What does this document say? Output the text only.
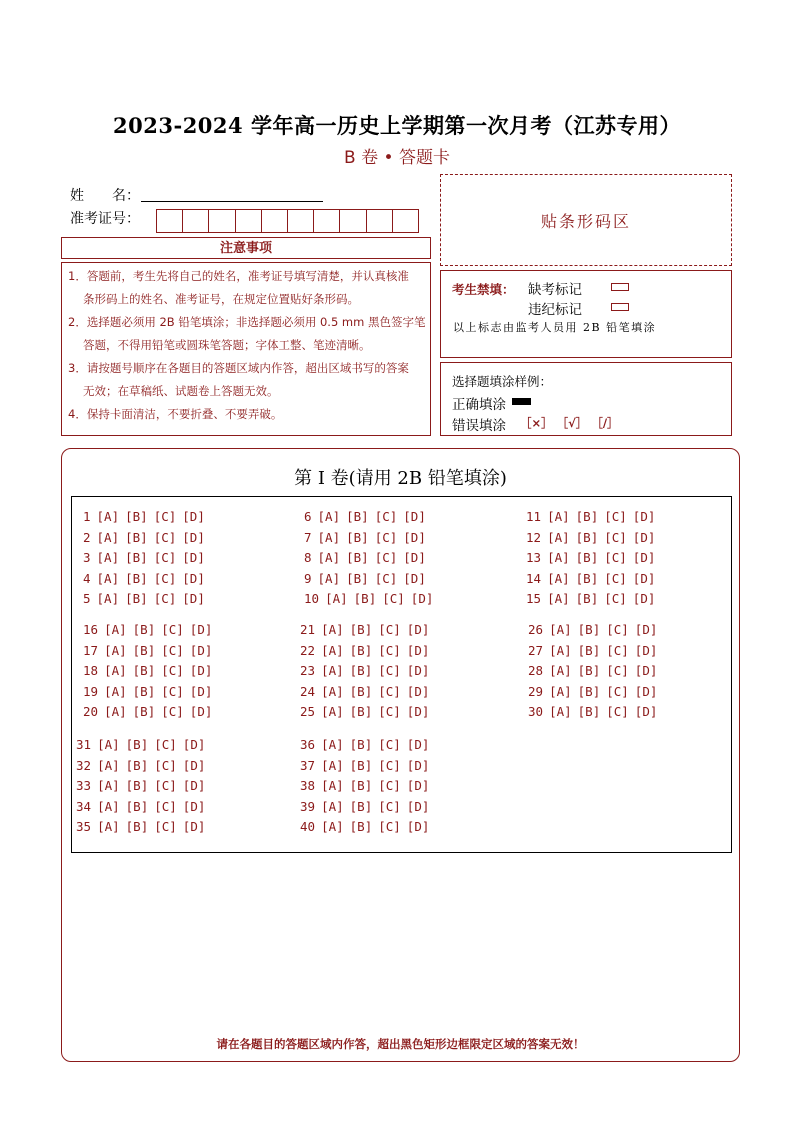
2023-2024 学年高一历史上学期第一次月考（江苏专用）
B 卷 • 答题卡
姓　　名：
准考证号：	贴条形码区
注意事项
1．答题前，考生先将自己的姓名，准考证号填写清楚，并认真核准
条形码上的姓名、准考证号，在规定位置贴好条形码。
2．选择题必须用 2B 铅笔填涂；非选择题必须用 0.5 mm 黑色签字笔
答题，不得用铅笔或圆珠笔答题；字体工整、笔迹清晰。
3．请按题号顺序在各题目的答题区域内作答，超出区域书写的答案
无效；在草稿纸、试题卷上答题无效。
4．保持卡面清洁，不要折叠、不要弄破。
考生禁填： 缺考标记
违纪标记
以上标志由监考人员用 2B 铅笔填涂
选择题填涂样例：
正确填涂
错误填涂 ［×］ ［√］ ［/］
第 I 卷(请用 2B 铅笔填涂)
1 [A] [B] [C] [D]
2 [A] [B] [C] [D]
3 [A] [B] [C] [D]
4 [A] [B] [C] [D]
5 [A] [B] [C] [D]
6 [A] [B] [C] [D]
7 [A] [B] [C] [D]
8 [A] [B] [C] [D]
9 [A] [B] [C] [D]
10 [A] [B] [C] [D]
11 [A] [B] [C] [D]
12 [A] [B] [C] [D]
13 [A] [B] [C] [D]
14 [A] [B] [C] [D]
15 [A] [B] [C] [D]
16 [A] [B] [C] [D]
17 [A] [B] [C] [D]
18 [A] [B] [C] [D]
19 [A] [B] [C] [D]
20 [A] [B] [C] [D]
21 [A] [B] [C] [D]
22 [A] [B] [C] [D]
23 [A] [B] [C] [D]
24 [A] [B] [C] [D]
25 [A] [B] [C] [D]
26 [A] [B] [C] [D]
27 [A] [B] [C] [D]
28 [A] [B] [C] [D]
29 [A] [B] [C] [D]
30 [A] [B] [C] [D]
31 [A] [B] [C] [D]
32 [A] [B] [C] [D]
33 [A] [B] [C] [D]
34 [A] [B] [C] [D]
35 [A] [B] [C] [D]
36 [A] [B] [C] [D]
37 [A] [B] [C] [D]
38 [A] [B] [C] [D]
39 [A] [B] [C] [D]
40 [A] [B] [C] [D]
请在各题目的答题区域内作答，超出黑色矩形边框限定区域的答案无效！
